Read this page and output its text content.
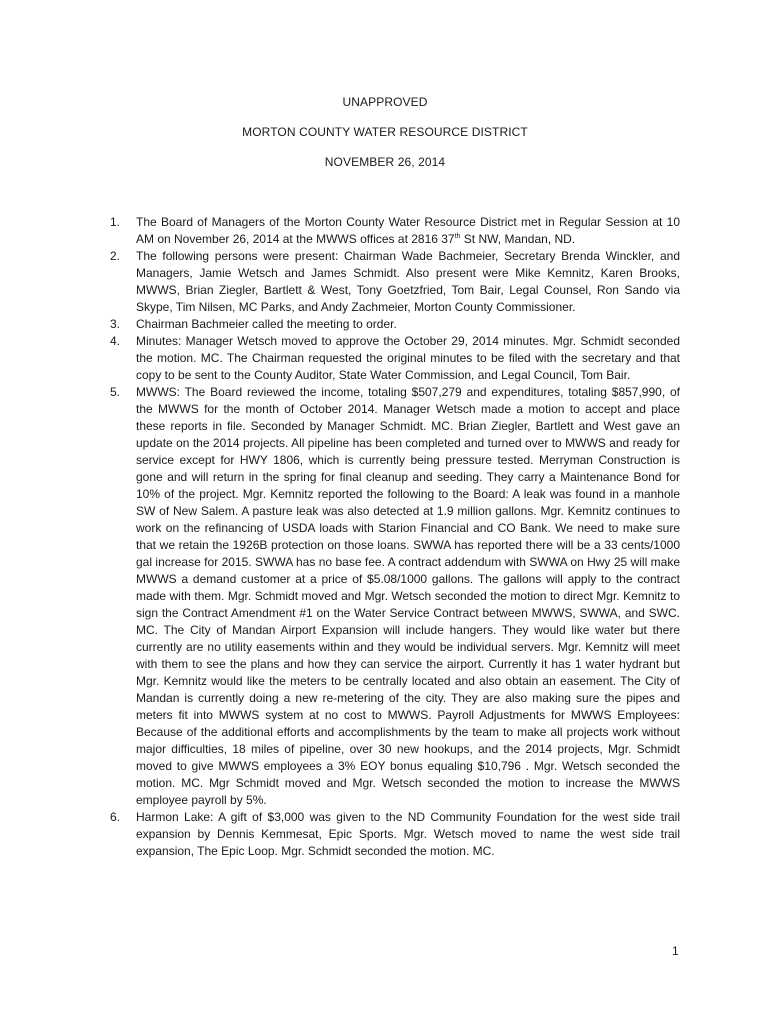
UNAPPROVED
MORTON COUNTY WATER RESOURCE DISTRICT
NOVEMBER 26, 2014
1.	The Board of Managers of the Morton County Water Resource District met in Regular Session at 10 AM on November 26, 2014 at the MWWS offices at 2816 37th St NW, Mandan, ND.
2.	The following persons were present: Chairman Wade Bachmeier, Secretary Brenda Winckler, and Managers, Jamie Wetsch and James Schmidt. Also present were Mike Kemnitz, Karen Brooks, MWWS, Brian Ziegler, Bartlett & West, Tony Goetzfried, Tom Bair, Legal Counsel, Ron Sando via Skype, Tim Nilsen, MC Parks, and Andy Zachmeier, Morton County Commissioner.
3.	Chairman Bachmeier called the meeting to order.
4.	Minutes: Manager Wetsch moved to approve the October 29, 2014 minutes. Mgr. Schmidt seconded the motion. MC. The Chairman requested the original minutes to be filed with the secretary and that copy to be sent to the County Auditor, State Water Commission, and Legal Council, Tom Bair.
5.	MWWS: The Board reviewed the income, totaling $507,279 and expenditures, totaling $857,990, of the MWWS for the month of October 2014. Manager Wetsch made a motion to accept and place these reports in file. Seconded by Manager Schmidt. MC. Brian Ziegler, Bartlett and West gave an update on the 2014 projects. All pipeline has been completed and turned over to MWWS and ready for service except for HWY 1806, which is currently being pressure tested. Merryman Construction is gone and will return in the spring for final cleanup and seeding. They carry a Maintenance Bond for 10% of the project. Mgr. Kemnitz reported the following to the Board: A leak was found in a manhole SW of New Salem. A pasture leak was also detected at 1.9 million gallons. Mgr. Kemnitz continues to work on the refinancing of USDA loads with Starion Financial and CO Bank. We need to make sure that we retain the 1926B protection on those loans. SWWA has reported there will be a 33 cents/1000 gal increase for 2015. SWWA has no base fee. A contract addendum with SWWA on Hwy 25 will make MWWS a demand customer at a price of $5.08/1000 gallons. The gallons will apply to the contract made with them. Mgr. Schmidt moved and Mgr. Wetsch seconded the motion to direct Mgr. Kemnitz to sign the Contract Amendment #1 on the Water Service Contract between MWWS, SWWA, and SWC. MC. The City of Mandan Airport Expansion will include hangers. They would like water but there currently are no utility easements within and they would be individual servers. Mgr. Kemnitz will meet with them to see the plans and how they can service the airport. Currently it has 1 water hydrant but Mgr. Kemnitz would like the meters to be centrally located and also obtain an easement. The City of Mandan is currently doing a new re-metering of the city. They are also making sure the pipes and meters fit into MWWS system at no cost to MWWS. Payroll Adjustments for MWWS Employees: Because of the additional efforts and accomplishments by the team to make all projects work without major difficulties, 18 miles of pipeline, over 30 new hookups, and the 2014 projects, Mgr. Schmidt moved to give MWWS employees a 3% EOY bonus equaling $10,796 . Mgr. Wetsch seconded the motion. MC. Mgr Schmidt moved and Mgr. Wetsch seconded the motion to increase the MWWS employee payroll by 5%.
6.	Harmon Lake: A gift of $3,000 was given to the ND Community Foundation for the west side trail expansion by Dennis Kemmesat, Epic Sports. Mgr. Wetsch moved to name the west side trail expansion, The Epic Loop. Mgr. Schmidt seconded the motion. MC.
1
